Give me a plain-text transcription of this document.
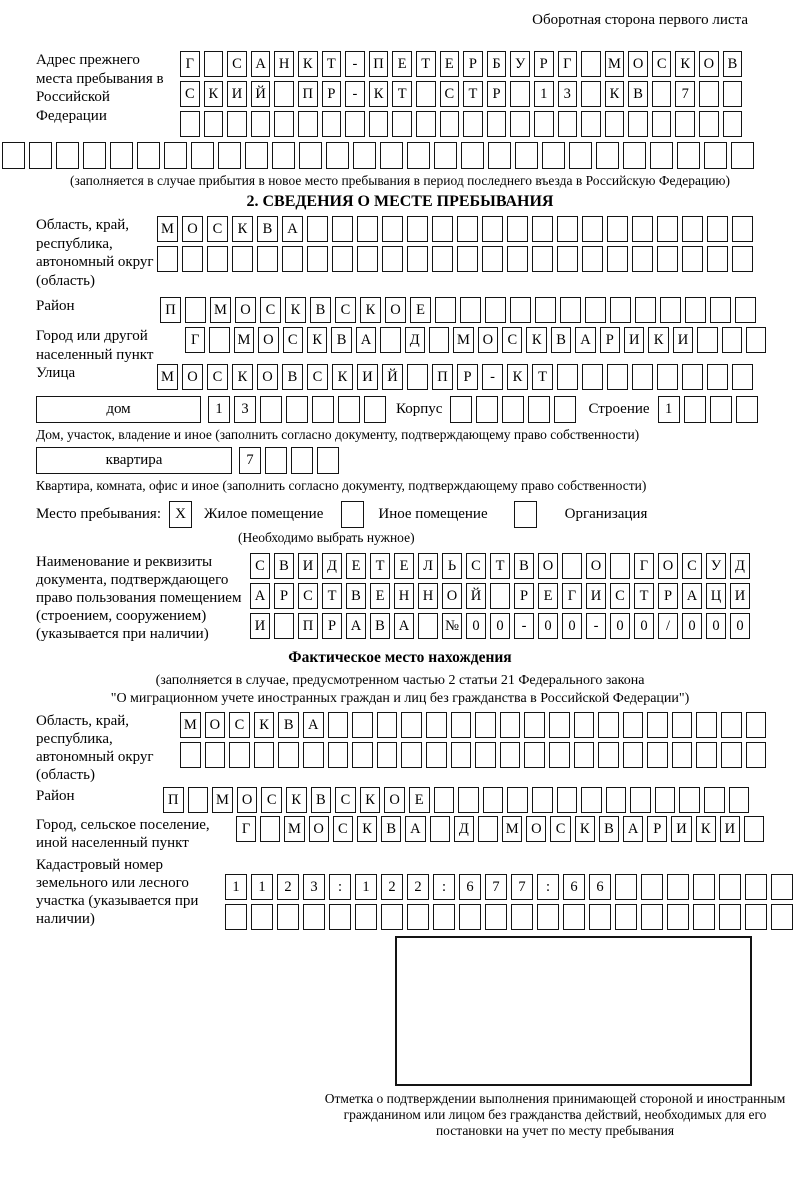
Оборотная сторона первого листа
Адрес прежнего места пребывания в Российской Федерации
Г	С А Н К Т	-	П Е	Т	Е	Р	Б У Р	Г	М О С К О В
С К И Й	П Р	-	К Т	С Т	Р	1	3	К В	7
(заполняется в случае прибытия в новое место пребывания в период последнего въезда в Российскую Федерацию)
2. СВЕДЕНИЯ О МЕСТЕ ПРЕБЫВАНИЯ
Область, край, республика, автономный округ (область)
М О	С	К	В	А
Район	П	М О	С	К	В	С	К	О	Е
Город или другой населенный пункт
Г	М О С	К	В А	Д	М О С	К	В А	Р	И К И
Улица	М О	С	К	О	В	С	К	И	Й	П	Р	-	К	Т
дом	1	3	Корпус	Строение	1
Дом, участок, владение и иное (заполнить согласно документу, подтверждающему право собственности)
квартира	7
Квартира, комната, офис и иное (заполнить согласно документу, подтверждающему право собственности)
Место пребывания: X	Жилое помещение	Иное помещение	Организация
(Необходимо выбрать нужное)
Наименование и реквизиты документа, подтверждающего право пользования помещением (строением, сооружением) (указывается при наличии)
С В И Д	Е	Т	Е	Л	Ь	С	Т	В О	О	Г	О С У Д
А	Р	С	Т	В	Е Н Н О Й	Р	Е	Г	И С	Т	Р	А Ц И
И	П	Р	А В А	№ 0	0	-	0	0	-	0	0	/	0	0	0
Фактическое место нахождения
(заполняется в случае, предусмотренном частью 2 статьи 21 Федерального закона
"О миграционном учете иностранных граждан и лиц без гражданства в Российской Федерации")
Область, край, республика, автономный округ (область)
М О	С	К	В	А
Район	П	М О	С	К	В	С	К	О	Е
Город, сельское поселение, иной населенный пункт
Г	М О С	К	В А	Д	М О С	К	В А	Р	И К И
Кадастровый номер земельного или лесного участка (указывается при наличии)
1	1	2	3	:	1	2	2	:	6	7	7	:	6	6
Отметка о подтверждении выполнения принимающей стороной и иностранным гражданином или лицом без гражданства действий, необходимых для его постановки на учет по месту пребывания
